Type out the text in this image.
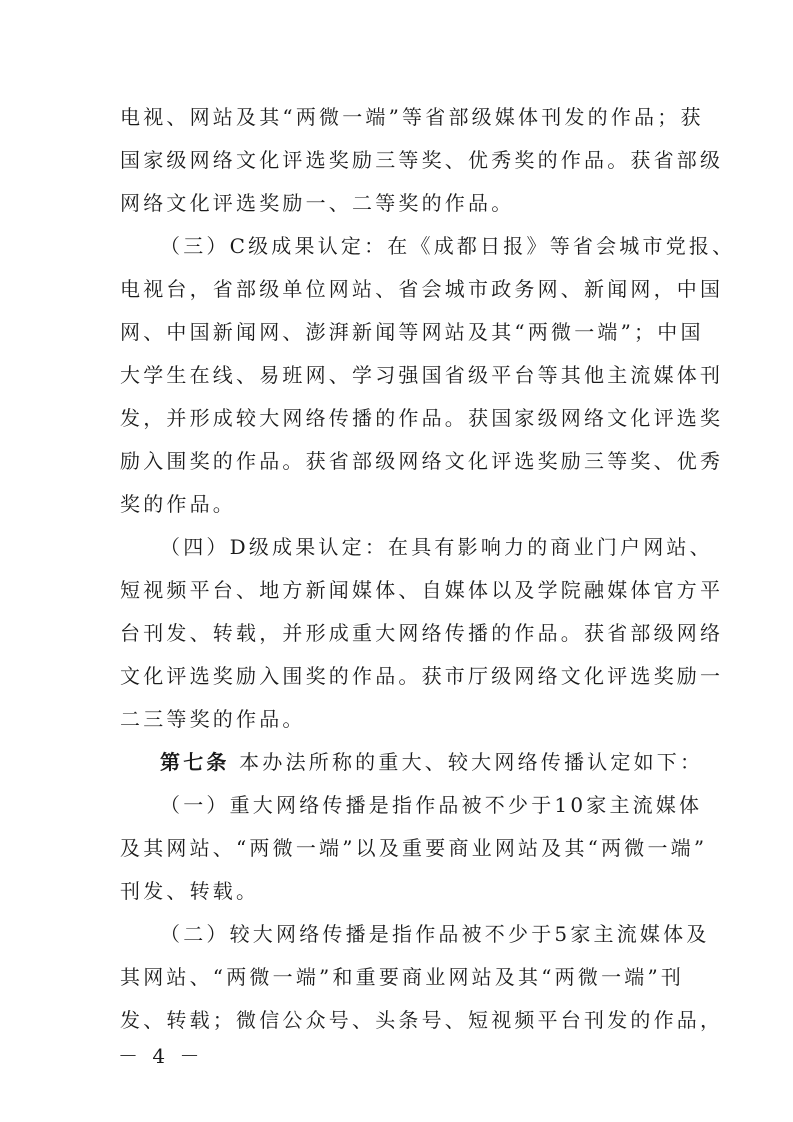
电视、网站及其“两微一端”等省部级媒体刊发的作品；获
国家级网络文化评选奖励三等奖、优秀奖的作品。获省部级
网络文化评选奖励一、二等奖的作品。
（三）C级成果认定：在《成都日报》等省会城市党报、
电视台，省部级单位网站、省会城市政务网、新闻网，中国
网、中国新闻网、澎湃新闻等网站及其“两微一端”；中国
大学生在线、易班网、学习强国省级平台等其他主流媒体刊
发，并形成较大网络传播的作品。获国家级网络文化评选奖
励入围奖的作品。获省部级网络文化评选奖励三等奖、优秀
奖的作品。
（四）D级成果认定：在具有影响力的商业门户网站、
短视频平台、地方新闻媒体、自媒体以及学院融媒体官方平
台刊发、转载，并形成重大网络传播的作品。获省部级网络
文化评选奖励入围奖的作品。获市厅级网络文化评选奖励一
二三等奖的作品。
第七条 本办法所称的重大、较大网络传播认定如下：
（一）重大网络传播是指作品被不少于10家主流媒体
及其网站、“两微一端”以及重要商业网站及其“两微一端”
刊发、转载。
（二）较大网络传播是指作品被不少于5家主流媒体及
其网站、“两微一端”和重要商业网站及其“两微一端”刊
发、转载；微信公众号、头条号、短视频平台刊发的作品，
－ 4 －
